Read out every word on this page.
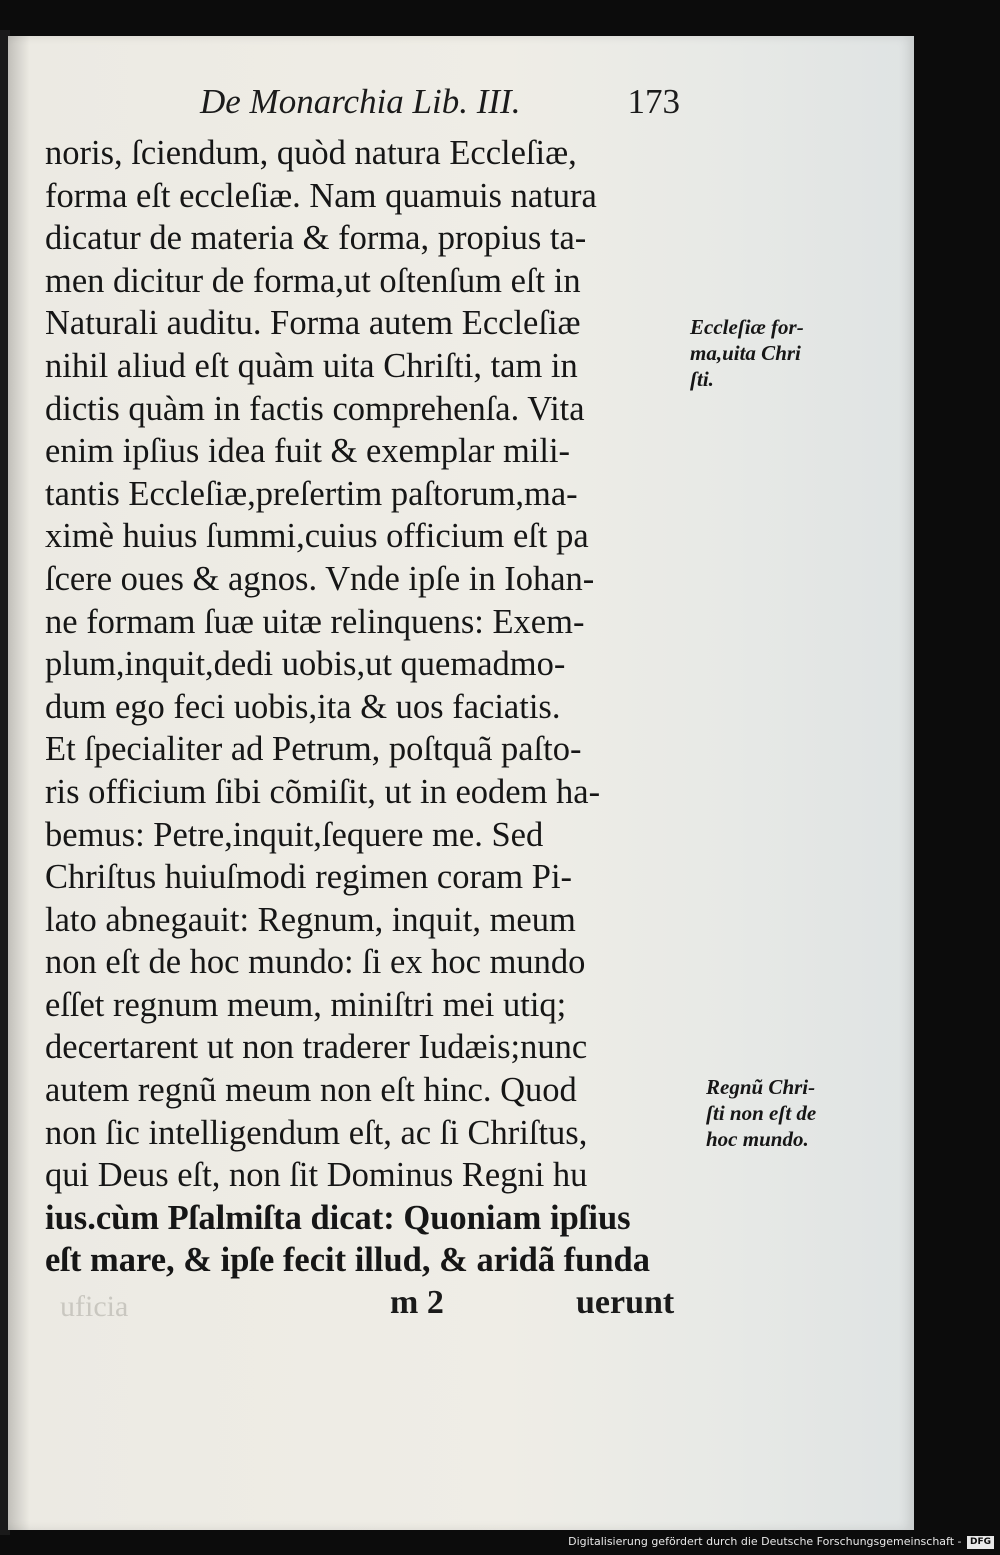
De Monarchia Lib. III.	173
noris, ſciendum, quòd natura Eccleſiæ,
forma eſt eccleſiæ. Nam quamuis natura
dicatur de materia & forma, propius ta-
men dicitur de forma,ut oſtenſum eſt in
Naturali auditu. Forma autem Eccleſiæ
nihil aliud eſt quàm uita Chriſti, tam in
dictis quàm in factis comprehenſa. Vita
enim ipſius idea fuit & exemplar mili-
tantis Eccleſiæ,preſertim paſtorum,ma-
ximè huius ſummi,cuius officium eſt pa
ſcere oues & agnos. Vnde ipſe in Iohan-
ne formam ſuæ uitæ relinquens: Exem-
plum,inquit,dedi uobis,ut quemadmo-
dum ego feci uobis,ita & uos faciatis.
Et ſpecialiter ad Petrum, poſtquã paſto-
ris officium ſibi cõmiſit, ut in eodem ha-
bemus: Petre,inquit,ſequere me. Sed
Chriſtus huiuſmodi regimen coram Pi-
lato abnegauit: Regnum, inquit, meum
non eſt de hoc mundo: ſi ex hoc mundo
eſſet regnum meum, miniſtri mei utiq;
decertarent ut non traderer Iudæis;nunc
autem regnũ meum non eſt hinc. Quod
non ſic intelligendum eſt, ac ſi Chriſtus,
qui Deus eſt, non ſit Dominus Regni hu
ius.cùm Pſalmiſta dicat: Quoniam ipſius
eſt mare, & ipſe fecit illud, & aridã funda
uficia	m 2	uerunt
Eccleſiæ for-
ma,uita Chri
ſti.
Regnũ Chri-
ſti non eſt de
hoc mundo.
Digitalisierung gefördert durch die Deutsche Forschungsgemeinschaft - DFG
